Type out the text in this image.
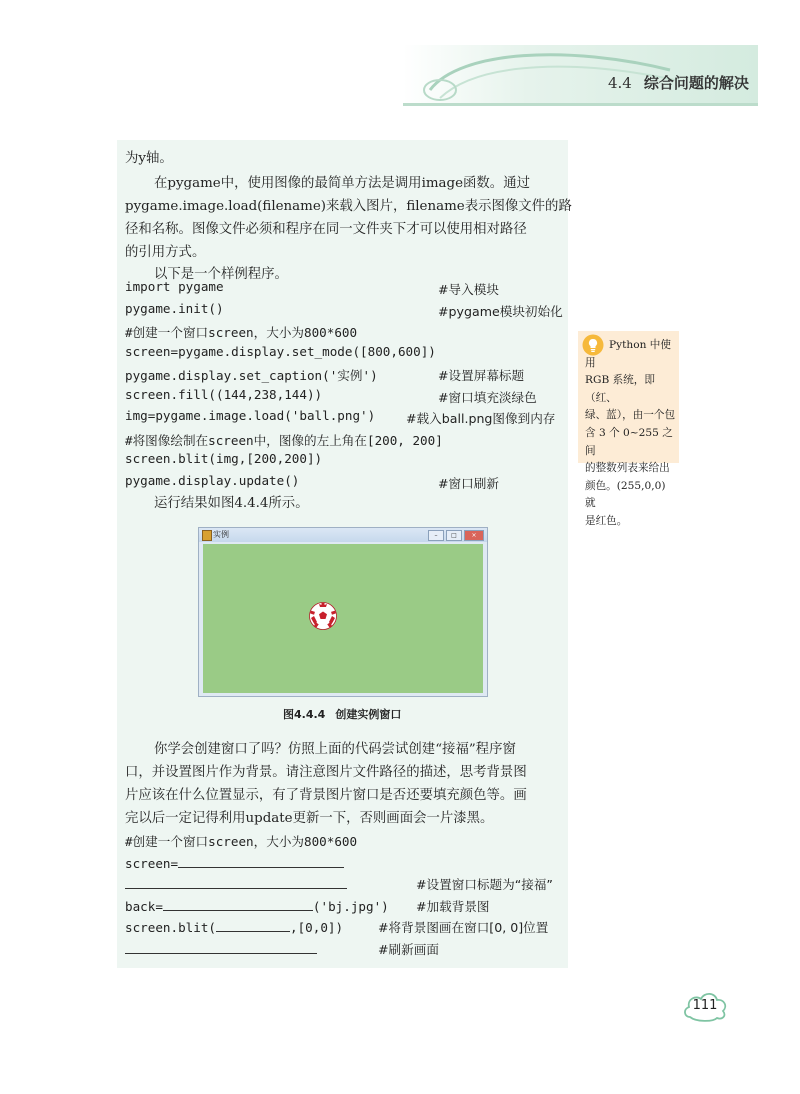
4.4 综合问题的解决
为y轴。
在pygame中，使用图像的最简单方法是调用image函数。通过
pygame.image.load(filename)来载入图片，filename表示图像文件的路
径和名称。图像文件必须和程序在同一文件夹下才可以使用相对路径
的引用方式。
以下是一个样例程序。
import pygame	#导入模块
pygame.init()	#pygame模块初始化
#创建一个窗口screen，大小为800*600
screen=pygame.display.set_mode([800,600])
pygame.display.set_caption('实例')	#设置屏幕标题
screen.fill((144,238,144))	#窗口填充淡绿色
img=pygame.image.load('ball.png') #载入ball.png图像到内存
#将图像绘制在screen中，图像的左上角在[200, 200]
screen.blit(img,[200,200])
pygame.display.update()	#窗口刷新
运行结果如图4.4.4所示。
实例	–	□	×
图4.4.4 创建实例窗口
你学会创建窗口了吗？仿照上面的代码尝试创建“接福”程序窗
口，并设置图片作为背景。请注意图片文件路径的描述，思考背景图
片应该在什么位置显示，有了背景图片窗口是否还要填充颜色等。画
完以后一定记得利用update更新一下，否则画面会一片漆黑。
#创建一个窗口screen，大小为800*600
screen=
#设置窗口标题为“接福”
back=	('bj.jpg') #加载背景图
screen.blit(	,[0,0])	#将背景图画在窗口[0, 0]位置
#刷新画面
Python 中使用
RGB 系统，即（红、
绿、蓝），由一个包
含 3 个 0~255 之间
的整数列表来给出
颜色。(255,0,0) 就
是红色。
111
